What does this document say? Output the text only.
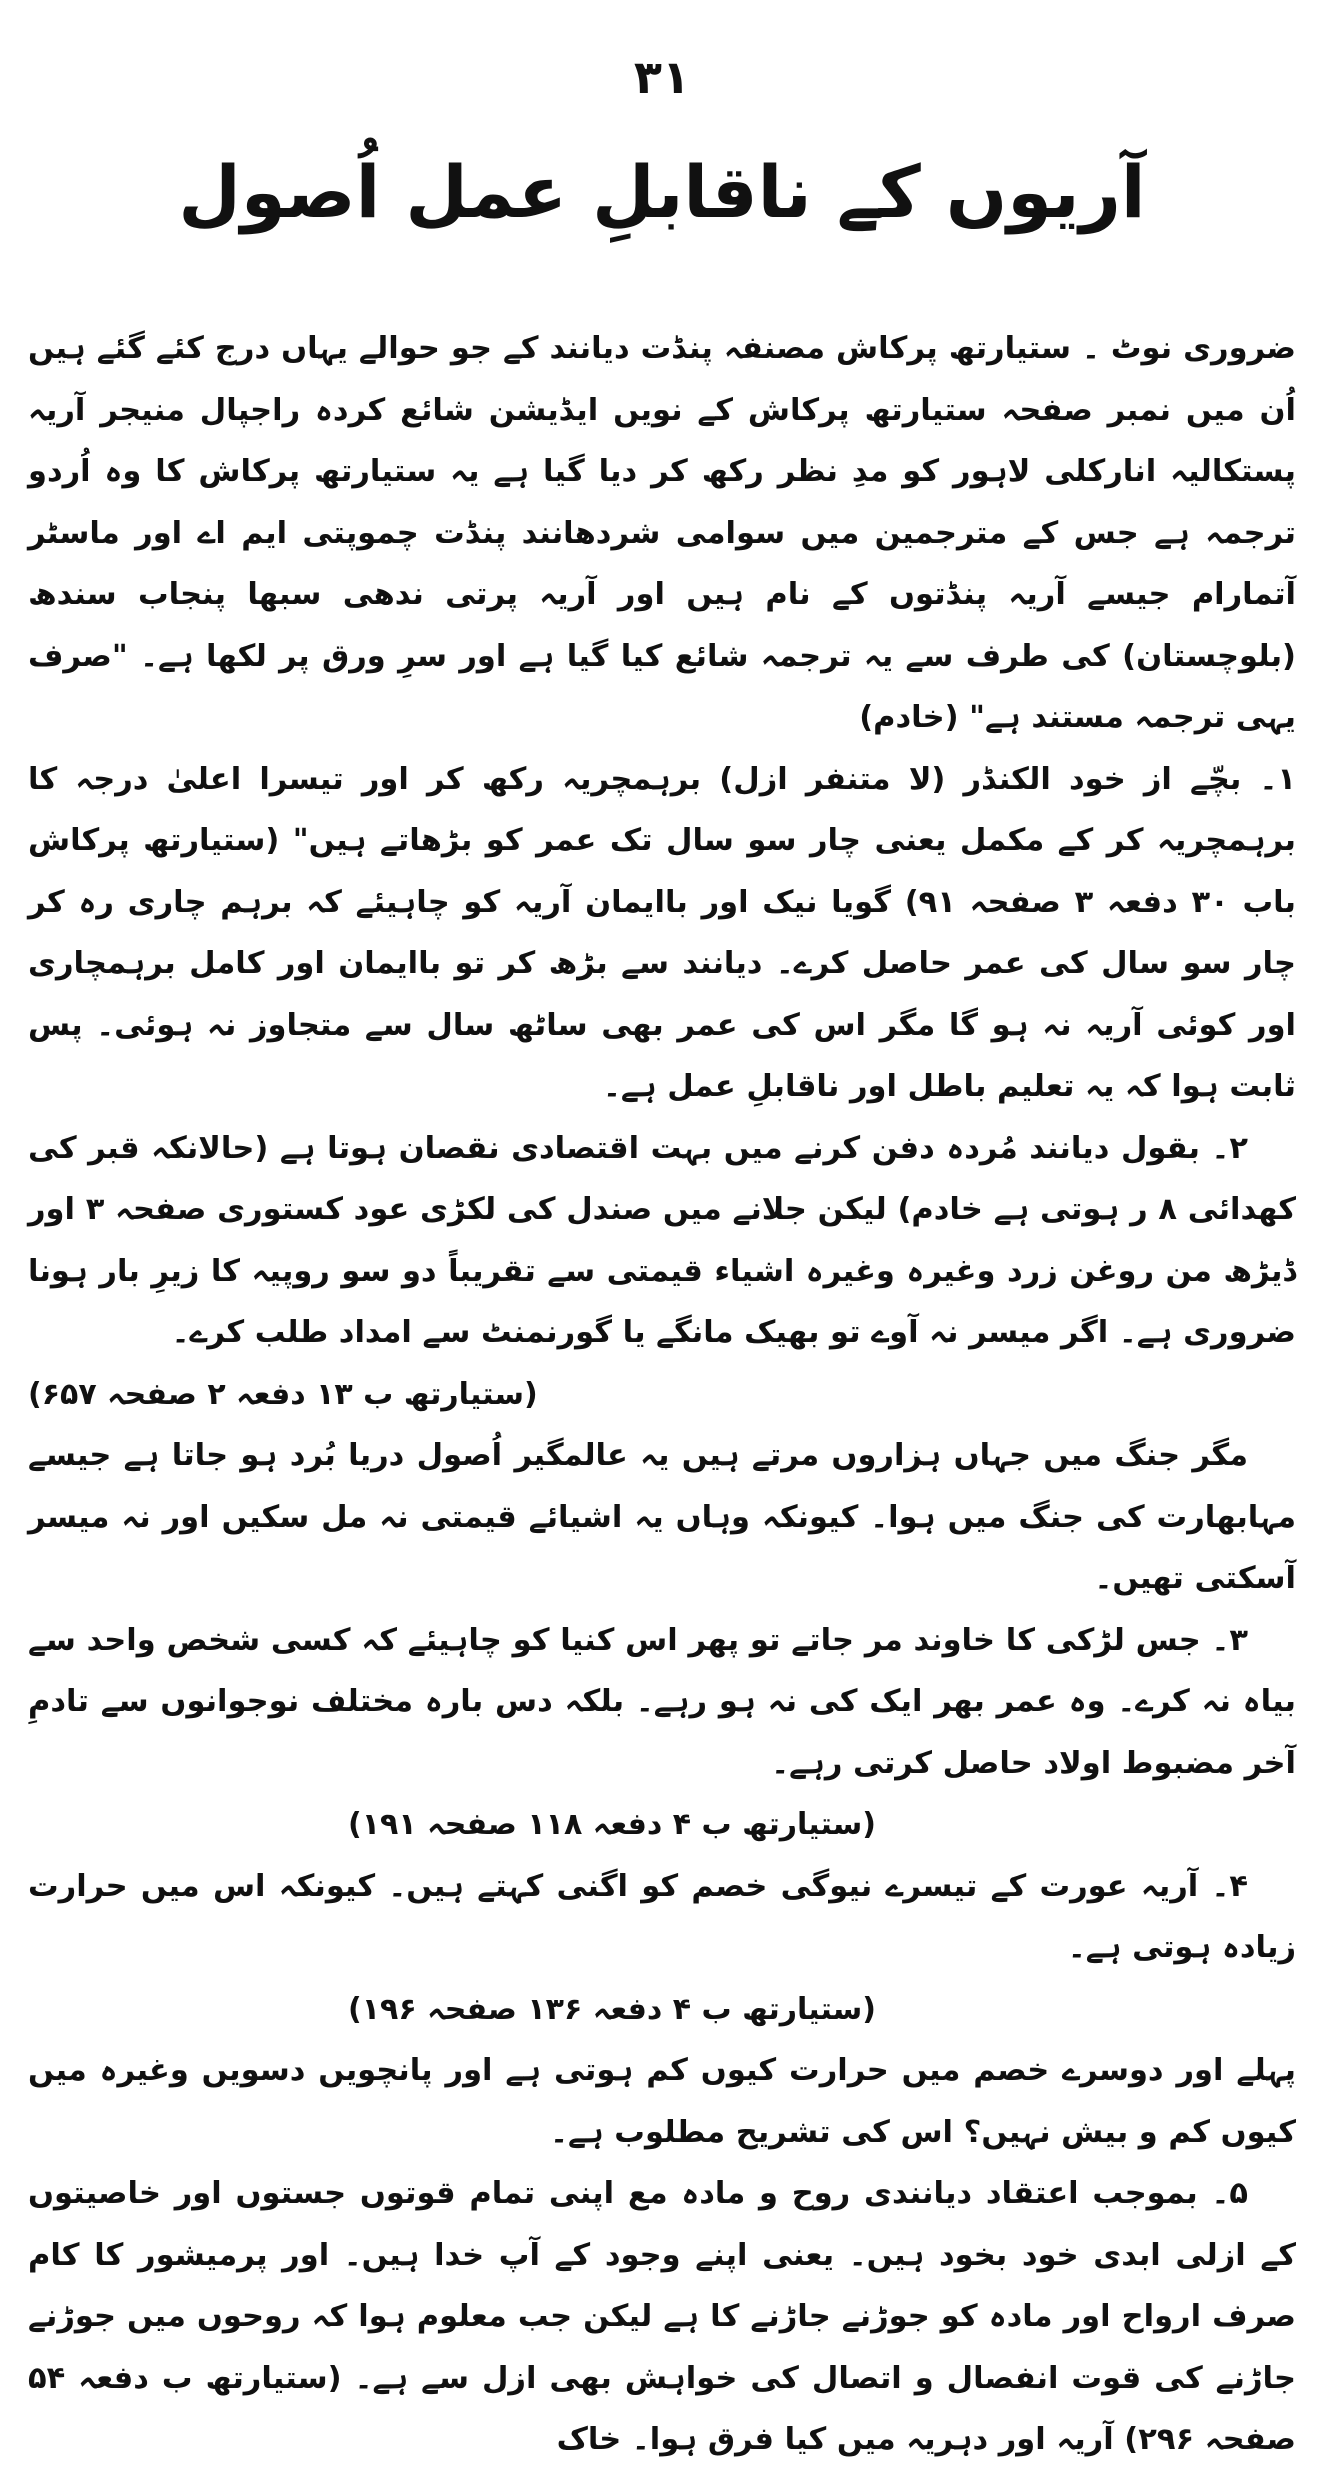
۳۱
آریوں کے ناقابلِ عمل اُصول

ضروری نوٹ ۔ ستیارتھ پرکاش مصنفہ پنڈت دیانند کے جو حوالے یہاں درج کئے گئے ہیں اُن میں نمبر صفحہ ستیارتھ پرکاش کے نویں ایڈیشن شائع کردہ راجپال منیجر آریہ پستکالیہ انارکلی لاہور کو مدِ نظر رکھ کر دیا گیا ہے یہ ستیارتھ پرکاش کا وہ اُردو ترجمہ ہے جس کے مترجمین میں سوامی شردھانند پنڈت چموپتی ایم اے اور ماسٹر آتمارام جیسے آریہ پنڈتوں کے نام ہیں اور آریہ پرتی ندھی سبھا پنجاب سندھ (بلوچستان) کی طرف سے یہ ترجمہ شائع کیا گیا ہے اور سرِ ورق پر لکھا ہے۔ "صرف یہی ترجمہ مستند ہے" (خادم)

۱۔ بچّے از خود الکنڈر (لا متنفر ازل) برہمچریہ رکھ کر اور تیسرا اعلیٰ درجہ کا برہمچریہ کر کے مکمل یعنی چار سو سال تک عمر کو بڑھاتے ہیں" (ستیارتھ پرکاش باب ۳۰ دفعہ ۳ صفحہ ۹۱) گویا نیک اور باایمان آریہ کو چاہیئے کہ برہم چاری رہ کر چار سو سال کی عمر حاصل کرے۔ دیانند سے بڑھ کر تو باایمان اور کامل برہمچاری اور کوئی آریہ نہ ہو گا مگر اس کی عمر بھی ساٹھ سال سے متجاوز نہ ہوئی۔ پس ثابت ہوا کہ یہ تعلیم باطل اور ناقابلِ عمل ہے۔

۲۔ بقول دیانند مُردہ دفن کرنے میں بہت اقتصادی نقصان ہوتا ہے (حالانکہ قبر کی کھدائی ۸ ر ہوتی ہے خادم) لیکن جلانے میں صندل کی لکڑی عود کستوری صفحہ ۳ اور ڈیڑھ من روغن زرد وغیرہ وغیرہ اشیاء قیمتی سے تقریباً دو سو روپیہ کا زیرِ بار ہونا ضروری ہے۔ اگر میسر نہ آوے تو بھیک مانگے یا گورنمنٹ سے امداد طلب کرے۔

(ستیارتھ ب ۱۳ دفعہ ۲ صفحہ ۶۵۷)

مگر جنگ میں جہاں ہزاروں مرتے ہیں یہ عالمگیر اُصول دریا بُرد ہو جاتا ہے جیسے مہابھارت کی جنگ میں ہوا۔ کیونکہ وہاں یہ اشیائے قیمتی نہ مل سکیں اور نہ میسر آسکتی تھیں۔

۳۔ جس لڑکی کا خاوند مر جاتے تو پھر اس کنیا کو چاہیئے کہ کسی شخص واحد سے بیاہ نہ کرے۔ وہ عمر بھر ایک کی نہ ہو رہے۔ بلکہ دس بارہ مختلف نوجوانوں سے تادمِ آخر مضبوط اولاد حاصل کرتی رہے۔

(ستیارتھ ب ۴ دفعہ ۱۱۸ صفحہ ۱۹۱)

۴۔ آریہ عورت کے تیسرے نیوگی خصم کو اگنی کہتے ہیں۔ کیونکہ اس میں حرارت زیادہ ہوتی ہے۔

(ستیارتھ ب ۴ دفعہ ۱۳۶ صفحہ ۱۹۶)

پہلے اور دوسرے خصم میں حرارت کیوں کم ہوتی ہے اور پانچویں دسویں وغیرہ میں کیوں کم و بیش نہیں؟ اس کی تشریح مطلوب ہے۔

۵۔ بموجب اعتقاد دیانندی روح و مادہ مع اپنی تمام قوتوں جستوں اور خاصیتوں کے ازلی ابدی خود بخود ہیں۔ یعنی اپنے وجود کے آپ خدا ہیں۔ اور پرمیشور کا کام صرف ارواح اور مادہ کو جوڑنے جاڑنے کا ہے لیکن جب معلوم ہوا کہ روحوں میں جوڑنے جاڑنے کی قوت انفصال و اتصال کی خواہش بھی ازل سے ہے۔ (ستیارتھ ب دفعہ ۵۴ صفحہ ۲۹۶) آریہ اور دہریہ میں کیا فرق ہوا۔ خاک
